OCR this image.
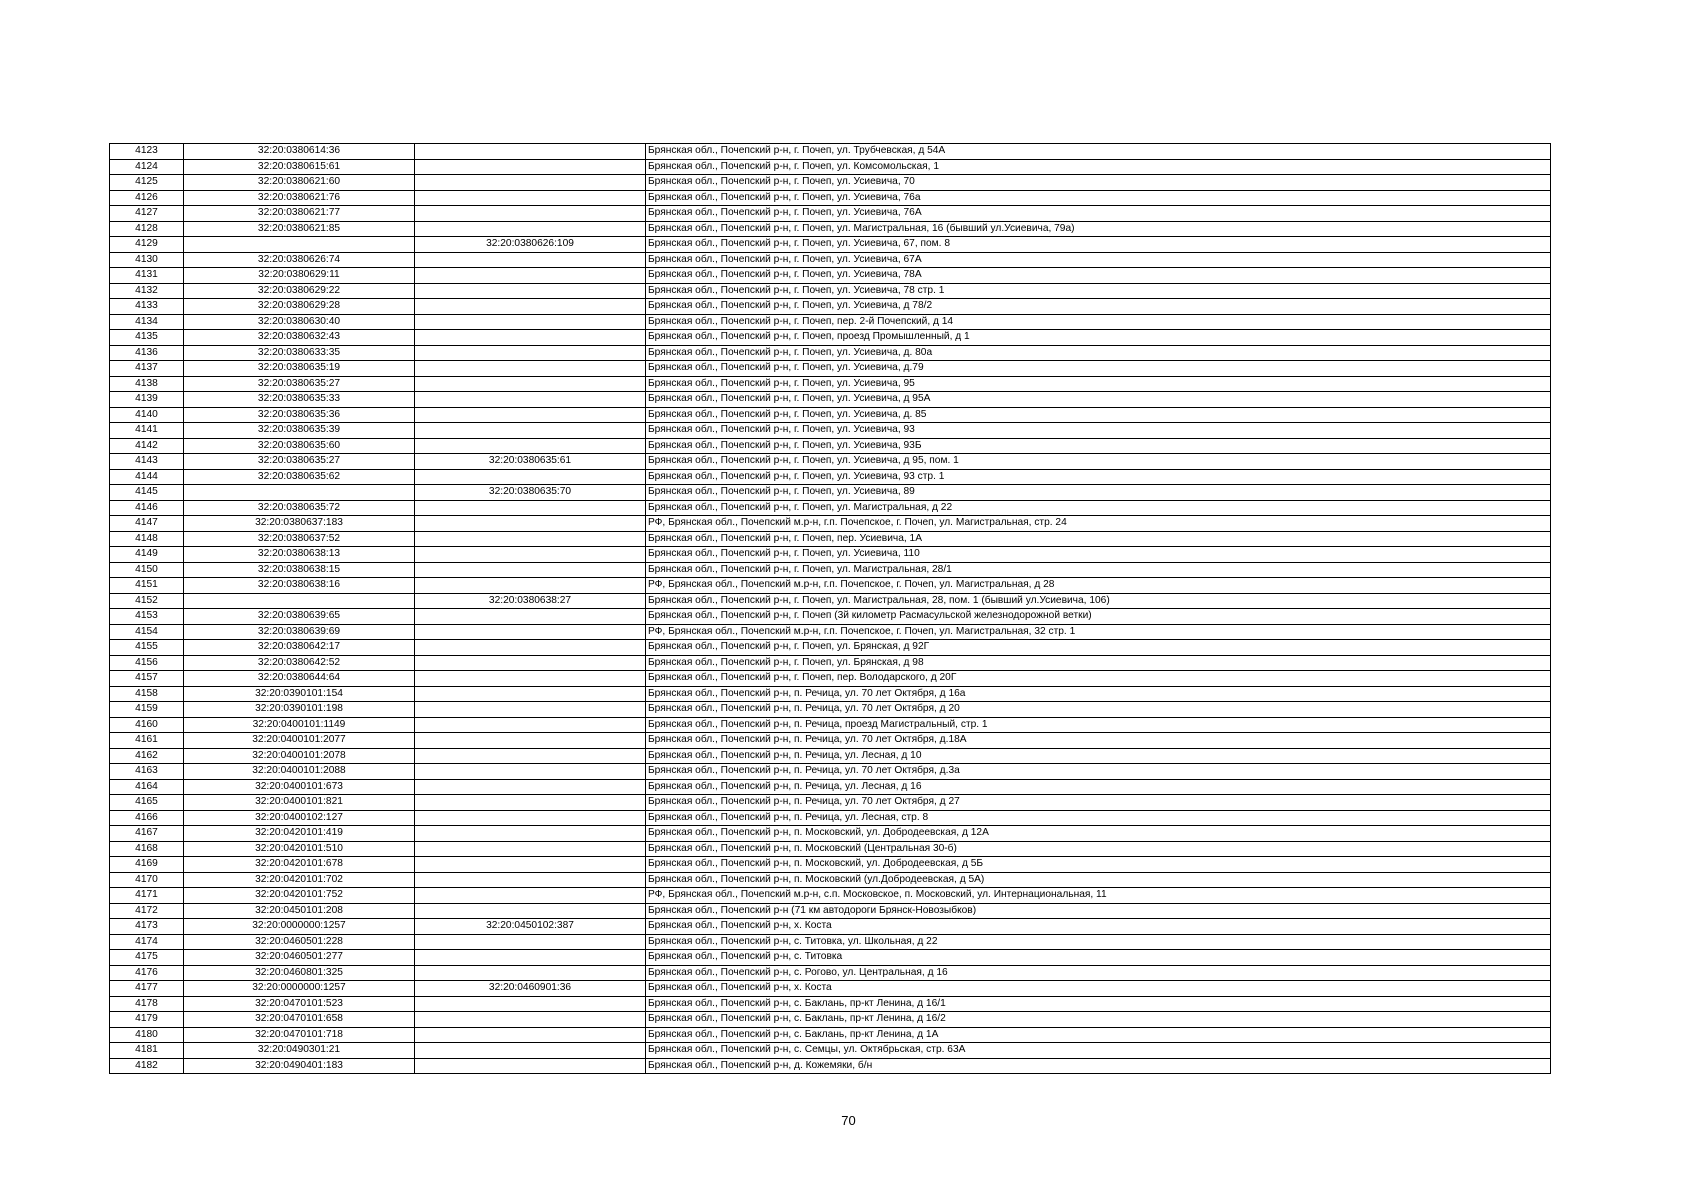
4123	32:20:0380614:36		Брянская обл., Почепский р-н, г. Почеп, ул. Трубчевская, д 54А
4124	32:20:0380615:61		Брянская обл., Почепский р-н, г. Почеп, ул. Комсомольская, 1
4125	32:20:0380621:60		Брянская обл., Почепский р-н, г. Почеп, ул. Усиевича, 70
4126	32:20:0380621:76		Брянская обл., Почепский р-н, г. Почеп, ул. Усиевича, 76а
4127	32:20:0380621:77		Брянская обл., Почепский р-н, г. Почеп, ул. Усиевича, 76А
4128	32:20:0380621:85		Брянская обл., Почепский р-н, г. Почеп, ул. Магистральная, 16 (бывший ул.Усиевича, 79а)
4129		32:20:0380626:109	Брянская обл., Почепский р-н, г. Почеп, ул. Усиевича, 67, пом. 8
4130	32:20:0380626:74		Брянская обл., Почепский р-н, г. Почеп, ул. Усиевича, 67А
4131	32:20:0380629:11		Брянская обл., Почепский р-н, г. Почеп, ул. Усиевича, 78А
4132	32:20:0380629:22		Брянская обл., Почепский р-н, г. Почеп, ул. Усиевича, 78 стр. 1
4133	32:20:0380629:28		Брянская обл., Почепский р-н, г. Почеп, ул. Усиевича, д 78/2
4134	32:20:0380630:40		Брянская обл., Почепский р-н, г. Почеп, пер. 2-й Почепский, д 14
4135	32:20:0380632:43		Брянская обл., Почепский р-н, г. Почеп, проезд Промышленный, д 1
4136	32:20:0380633:35		Брянская обл., Почепский р-н, г. Почеп, ул. Усиевича, д. 80а
4137	32:20:0380635:19		Брянская обл., Почепский р-н, г. Почеп, ул. Усиевича, д.79
4138	32:20:0380635:27		Брянская обл., Почепский р-н, г. Почеп, ул. Усиевича, 95
4139	32:20:0380635:33		Брянская обл., Почепский р-н, г. Почеп, ул. Усиевича, д 95А
4140	32:20:0380635:36		Брянская обл., Почепский р-н, г. Почеп, ул. Усиевича, д. 85
4141	32:20:0380635:39		Брянская обл., Почепский р-н, г. Почеп, ул. Усиевича, 93
4142	32:20:0380635:60		Брянская обл., Почепский р-н, г. Почеп, ул. Усиевича, 93Б
4143	32:20:0380635:27	32:20:0380635:61	Брянская обл., Почепский р-н, г. Почеп, ул. Усиевича, д 95, пом. 1
4144	32:20:0380635:62		Брянская обл., Почепский р-н, г. Почеп, ул. Усиевича, 93 стр. 1
4145		32:20:0380635:70	Брянская обл., Почепский р-н, г. Почеп, ул. Усиевича, 89
4146	32:20:0380635:72		Брянская обл., Почепский р-н, г. Почеп, ул. Магистральная, д 22
4147	32:20:0380637:183		РФ, Брянская обл., Почепский м.р-н, г.п. Почепское, г. Почеп, ул. Магистральная, стр. 24
4148	32:20:0380637:52		Брянская обл., Почепский р-н, г. Почеп, пер. Усиевича, 1А
4149	32:20:0380638:13		Брянская обл., Почепский р-н, г. Почеп, ул. Усиевича, 110
4150	32:20:0380638:15		Брянская обл., Почепский р-н, г. Почеп, ул. Магистральная, 28/1
4151	32:20:0380638:16		РФ, Брянская обл., Почепский м.р-н, г.п. Почепское, г. Почеп, ул. Магистральная, д 28
4152		32:20:0380638:27	Брянская обл., Почепский р-н, г. Почеп, ул. Магистральная, 28, пом. 1 (бывший ул.Усиевича, 106)
4153	32:20:0380639:65		Брянская обл., Почепский р-н, г. Почеп (3й километр Расмасульской железнодорожной ветки)
4154	32:20:0380639:69		РФ, Брянская обл., Почепский м.р-н, г.п. Почепское, г. Почеп, ул. Магистральная, 32 стр. 1
4155	32:20:0380642:17		Брянская обл., Почепский р-н, г. Почеп, ул. Брянская, д 92Г
4156	32:20:0380642:52		Брянская обл., Почепский р-н, г. Почеп, ул. Брянская, д 98
4157	32:20:0380644:64		Брянская обл., Почепский р-н, г. Почеп, пер. Володарского, д 20Г
4158	32:20:0390101:154		Брянская обл., Почепский р-н, п. Речица, ул. 70 лет Октября, д 16а
4159	32:20:0390101:198		Брянская обл., Почепский р-н, п. Речица, ул. 70 лет Октября, д 20
4160	32:20:0400101:1149		Брянская обл., Почепский р-н, п. Речица, проезд Магистральный, стр. 1
4161	32:20:0400101:2077		Брянская обл., Почепский р-н, п. Речица, ул. 70 лет Октября, д.18А
4162	32:20:0400101:2078		Брянская обл., Почепский р-н, п. Речица, ул. Лесная, д 10
4163	32:20:0400101:2088		Брянская обл., Почепский р-н, п. Речица, ул. 70 лет Октября, д.3а
4164	32:20:0400101:673		Брянская обл., Почепский р-н, п. Речица, ул. Лесная, д 16
4165	32:20:0400101:821		Брянская обл., Почепский р-н, п. Речица, ул. 70 лет Октября, д 27
4166	32:20:0400102:127		Брянская обл., Почепский р-н, п. Речица, ул. Лесная, стр. 8
4167	32:20:0420101:419		Брянская обл., Почепский р-н, п. Московский, ул. Добродеевская, д 12А
4168	32:20:0420101:510		Брянская обл., Почепский р-н, п. Московский (Центральная 30-б)
4169	32:20:0420101:678		Брянская обл., Почепский р-н, п. Московский, ул. Добродеевская, д 5Б
4170	32:20:0420101:702		Брянская обл., Почепский р-н, п. Московский (ул.Добродеевская, д 5А)
4171	32:20:0420101:752		РФ, Брянская обл., Почепский м.р-н, с.п. Московское, п. Московский, ул. Интернациональная, 11
4172	32:20:0450101:208		Брянская обл., Почепский р-н (71 км автодороги Брянск-Новозыбков)
4173	32:20:0000000:1257	32:20:0450102:387	Брянская обл., Почепский р-н, х. Коста
4174	32:20:0460501:228		Брянская обл., Почепский р-н, с. Титовка, ул. Школьная, д 22
4175	32:20:0460501:277		Брянская обл., Почепский р-н, с. Титовка
4176	32:20:0460801:325		Брянская обл., Почепский р-н, с. Рогово, ул. Центральная, д 16
4177	32:20:0000000:1257	32:20:0460901:36	Брянская обл., Почепский р-н, х. Коста
4178	32:20:0470101:523		Брянская обл., Почепский р-н, с. Баклань, пр-кт Ленина, д 16/1
4179	32:20:0470101:658		Брянская обл., Почепский р-н, с. Баклань, пр-кт Ленина, д 16/2
4180	32:20:0470101:718		Брянская обл., Почепский р-н, с. Баклань, пр-кт Ленина, д 1А
4181	32:20:0490301:21		Брянская обл., Почепский р-н, с. Семцы, ул. Октябрьская, стр. 63А
4182	32:20:0490401:183		Брянская обл., Почепский р-н, д. Кожемяки, б/н
70
